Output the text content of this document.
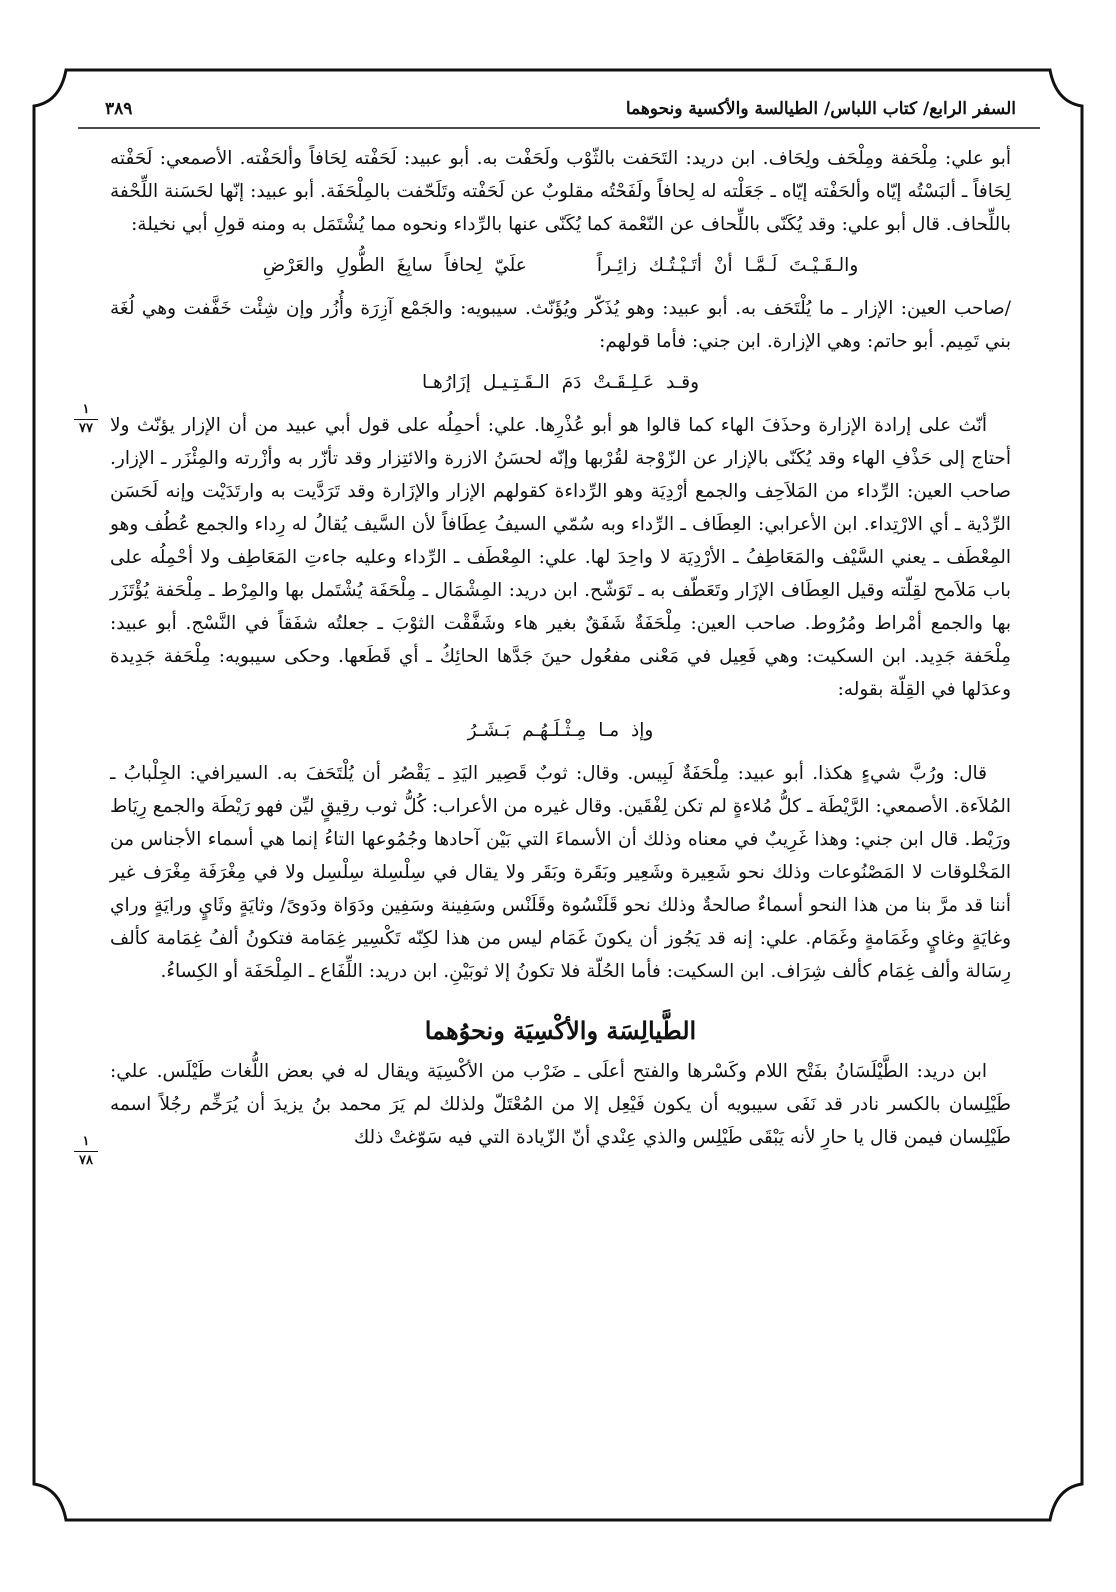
٣٨٩	السفر الرابع/ كتاب اللباس/ الطيالسة والأكسية ونحوهما
١
٧٧
١
٧٨

أبو علي: مِلْحَفة ومِلْحَف ولِحَاف. ابن دريد: التَحَفت بالثّوْب ولَحَفْت به. أبو عبيد: لَحَفْته لِحَافاً وألحَفْته. الأصمعي: لَحَفْته لِحَافاً ـ ألبَسْتُه إيّاه وألحَفْته إيّاه ـ جَعَلْته له لِحافاً ولَفَحْتُه مقلوبٌ عن لَحَفْته وتَلَحّفت بالمِلْحَفَة. أبو عبيد: إنّها لحَسَنة اللِّحْفة باللِّحاف. قال أبو علي: وقد يُكَنّى باللِّحاف عن النّعْمة كما يُكَنّى عنها بالرِّداء ونحوه مما يُشْتَمَل به ومنه قولِ أبي نخيلة:

والـقَـيْـتَ لَـمَّـا أنْ أتَـيْـتُـك زائِـراً
علَيّ لِحافاً سابِغَ الطُّولِ والعَرْضِ

/صاحب العين: الإزار ـ ما يُلْتَحَف به. أبو عبيد: وهو يُذَكّر ويُؤَنّث. سيبويه: والجَمْع آزِرَة وأُزُر وإن شِئْت خَفَّفت وهي لُغَة بني تَمِيم. أبو حاتم: وهي الإزارة. ابن جني: فأما قولهم:

وقـد عَـلِـقَـتْ دَمَ الـقَـتِـيـل إزَارُهـا

أنّث على إرادة الإزارة وحذَفَ الهاء كما قالوا هو أبو عُذْرِها. علي: أحمِلُه على قول أبي عبيد من أن الإزار يؤنّث ولا أحتاج إلى حَذْفِ الهاء وقد يُكَنّى بالإزار عن الزّوْجة لقُرْبها وإنّه لحسَنُ الازرة والائتِزار وقد تأزّر به وأزْرته والمِئْزَر ـ الإزار. صاحب العين: الرِّداء من المَلاَحِف والجمع أرْدِيَة وهو الرِّداءة كقولهم الإزار والإزَارة وقد تَرَدَّيت به وارتَدَيْت وإنه لَحَسَن الرِّدْية ـ أي الارْتِداء. ابن الأعرابي: العِطَاف ـ الرِّداء وبه سُمّي السيفُ عِطَافاً لأن السَّيف يُقالُ له رِداء والجمع عُطُف وهو المِعْطَف ـ يعني السَّيْف والمَعَاطِفُ ـ الأرْدِيَة لا واحِدَ لها. علي: المِعْطَف ـ الرِّداء وعليه جاءتِ المَعَاطِف ولا أحْمِلُه على باب مَلاَمح لقِلّته وقيل العِطَاف الإزَار وتَعَطّف به ـ تَوَشّح. ابن دريد: المِشْمَال ـ مِلْحَفَة يُشْتَمل بها والمِرْط ـ مِلْحَفة يُؤْتَزَر بها والجمع أمْراط ومُرُوط. صاحب العين: مِلْحَفَةٌ شَفَقٌ بغير هاء وشَفَّقْت الثوْبَ ـ جعلتُه شفَقاً في النَّسْج. أبو عبيد: مِلْحَفة جَدِيد. ابن السكيت: وهي فَعِيل في مَعْنى مفعُول حينَ جَدَّها الحائِكُ ـ أي قَطَعها. وحكى سيبويه: مِلْحَفة جَدِيدة وعدَلها في القِلّة بقوله:

وإذ مـا مِـثْـلَـهُـم بَـشَـرُ

قال: ورُبَّ شيءٍ هكذا. أبو عبيد: مِلْحَفَةٌ لَبِيس. وقال: ثوبٌ قَصِير اليَدِ ـ يَقْصُر أن يُلْتَحَفَ به. السيرافي: الجِلْبابُ ـ المُلاَءة. الأصمعي: الرَّيْطَة ـ كلُّ مُلاءةٍ لم تكن لِفْقَين. وقال غيره من الأعراب: كُلُّ ثوب رقِيقٍ ليِّن فهو رَيْطَة والجمع رِيَاط ورَيْط. قال ابن جني: وهذا غَرِيبٌ في معناه وذلك أن الأسماءَ التي بَيْن آحادها وجُمُوعها التاءُ إنما هي أسماء الأجناس من المَخْلوقات لا المَصْنُوعات وذلك نحو شَعِيرة وشَعِير وبَقَرة وبَقَر ولا يقال في سِلْسِلة سِلْسِل ولا في مِغْرَفَة مِغْرَف غير أننا قد مرَّ بنا من هذا النحو أسماءٌ صالحةٌ وذلك نحو قَلَنْسُوة وقَلَنْس وسَفِينة وسَفِين ودَوَاة ودَوىً/ وثايَةٍ وثَايٍ ورايَةٍ وراي وغايَةٍ وغايٍ وغَمَامةٍ وغَمَام. علي: إنه قد يَجُوز أن يكونَ غَمَام ليس من هذا لكِنّه تَكْسِير غِمَامة فتكونُ ألفُ غِمَامة كألف رِسَالة وألف غِمَام كألف شِرَاف. ابن السكيت: فأما الحُلّة فلا تكونُ إلا ثوبَيْنِ. ابن دريد: اللِّفَاع ـ المِلْحَفَة أو الكِساءُ.

الطَّيالِسَة والأكْسِيَة ونحوُهما

ابن دريد: الطَّيْلَسَانُ بفَتْح اللام وكَسْرها والفتح أعلَى ـ ضَرْب من الأكْسِيَة ويقال له في بعض اللُّغات طَيْلَس. علي: طَيْلِسان بالكسر نادر قد نَفَى سيبويه أن يكون فَيْعِل إلا من المُعْتَلّ ولذلك لم يَرَ محمد بنُ يزيدَ أن يُرَخِّم رجُلاً اسمه طَيْلِسان فيمن قال يا حارِ لأنه يَبْقَى طَيْلِس والذي عِنْدي أنّ الزّيادة التي فيه سَوّغتْ ذلك
